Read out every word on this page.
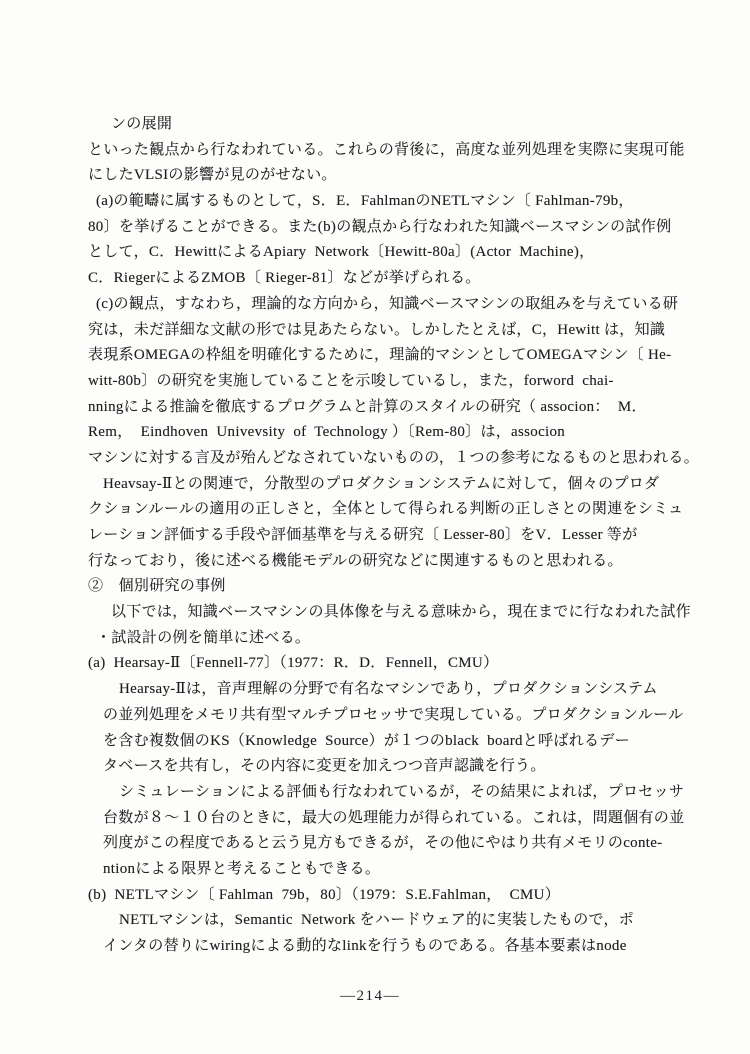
ンの展開
といった観点から行なわれている。これらの背後に，高度な並列処理を実際に実現可能
にしたVLSIの影響が見のがせない。
(a)の範疇に属するものとして，S．E．FahlmanのNETLマシン〔 Fahlman-79b，
80〕を挙げることができる。また(b)の観点から行なわれた知識ベースマシンの試作例
として，C．HewittによるApiary  Network〔Hewitt-80a〕(Actor  Machine)，
C．RiegerによるZMOB〔 Rieger-81〕などが挙げられる。
(c)の観点，すなわち，理論的な方向から，知識ベースマシンの取組みを与えている研
究は，未だ詳細な文献の形では見あたらない。しかしたとえば，C，Hewitt は，知識
表現系OMEGAの枠組を明確化するために，理論的マシンとしてOMEGAマシン〔 He-
witt-80b〕の研究を実施していることを示唆しているし，また，forword  chai-
nningによる推論を徹底するプログラムと計算のスタイルの研究（ associon：  M．
Rem，  Eindhoven  Univevsity  of  Technology ）〔Rem-80〕は，associon
マシンに対する言及が殆んどなされていないものの，１つの参考になるものと思われる。
Heavsay-Ⅱとの関連で，分散型のプロダクションシステムに対して，個々のプロダ
クションルールの適用の正しさと，全体として得られる判断の正しさとの関連をシミュ
レーション評価する手段や評価基準を与える研究〔 Lesser-80〕をV．Lesser 等が
行なっており，後に述べる機能モデルの研究などに関連するものと思われる。
②　個別研究の事例
以下では，知識ベースマシンの具体像を与える意味から，現在までに行なわれた試作
・試設計の例を簡単に述べる。
(a)  Hearsay-Ⅱ〔Fennell-77〕（1977：R．D．Fennell，CMU）
Hearsay-Ⅱは，音声理解の分野で有名なマシンであり，プロダクションシステム
の並列処理をメモリ共有型マルチプロセッサで実現している。プロダクションルール
を含む複数個のKS（Knowledge  Source）が１つのblack  boardと呼ばれるデー
タベースを共有し，その内容に変更を加えつつ音声認識を行う。
シミュレーションによる評価も行なわれているが，その結果によれば，プロセッサ
台数が８〜１０台のときに，最大の処理能力が得られている。これは，問題個有の並
列度がこの程度であると云う見方もできるが，その他にやはり共有メモリのconte-
ntionによる限界と考えることもできる。
(b)  NETLマシン〔 Fahlman  79b，80〕（1979：S.E.Fahlman，  CMU）
NETLマシンは，Semantic  Network をハードウェア的に実装したもので，ポ
インタの替りにwiringによる動的なlinkを行うものである。各基本要素はnode
—214—
